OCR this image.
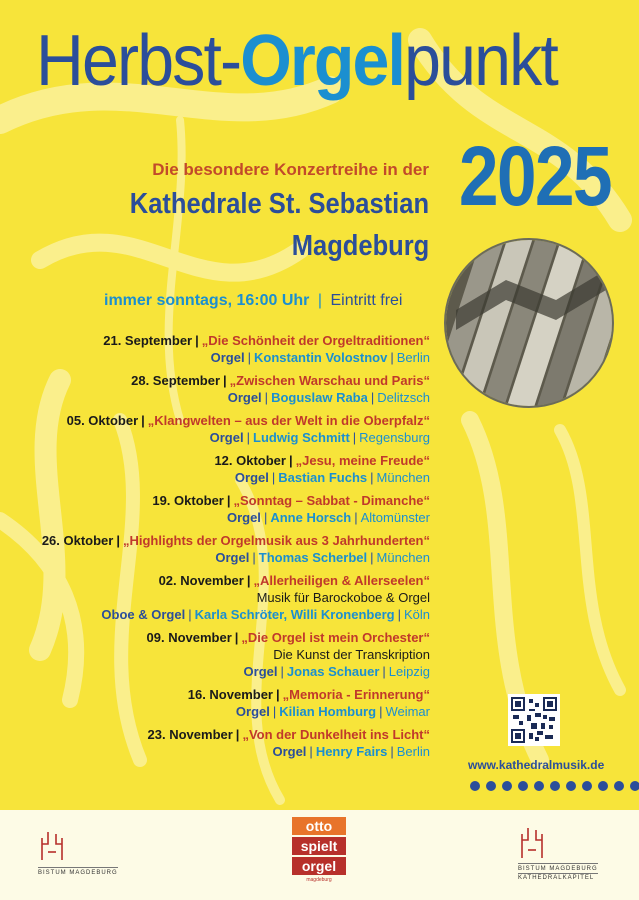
Herbst-Orgelpunkt
2025
Die besondere Konzertreihe in der
Kathedrale St. Sebastian
Magdeburg
immer sonntags, 16:00 Uhr | Eintritt frei
21. September | „Die Schönheit der Orgeltraditionen“
Orgel | Konstantin Volostnov | Berlin
28. September | „Zwischen Warschau und Paris“
Orgel | Boguslaw Raba | Delitzsch
05. Oktober | „Klangwelten – aus der Welt in die Oberpfalz“
Orgel | Ludwig Schmitt | Regensburg
12. Oktober | „Jesu, meine Freude“
Orgel | Bastian Fuchs | München
19. Oktober | „Sonntag – Sabbat - Dimanche“
Orgel | Anne Horsch | Altomünster
26. Oktober | „Highlights der Orgelmusik aus 3 Jahrhunderten“
Orgel | Thomas Scherbel | München
02. November | „Allerheiligen & Allerseelen“
Musik für Barockoboe & Orgel
Oboe & Orgel | Karla Schröter, Willi Kronenberg | Köln
09. November | „Die Orgel ist mein Orchester“
Die Kunst der Transkription
Orgel | Jonas Schauer | Leipzig
16. November | „Memoria - Erinnerung“
Orgel | Kilian Homburg | Weimar
23. November | „Von der Dunkelheit ins Licht“
Orgel | Henry Fairs | Berlin
www.kathedralmusik.de
BISTUM MAGDEBURG
otto
spielt
orgel
magdeburg
BISTUM MAGDEBURG
KATHEDRALKAPITEL
